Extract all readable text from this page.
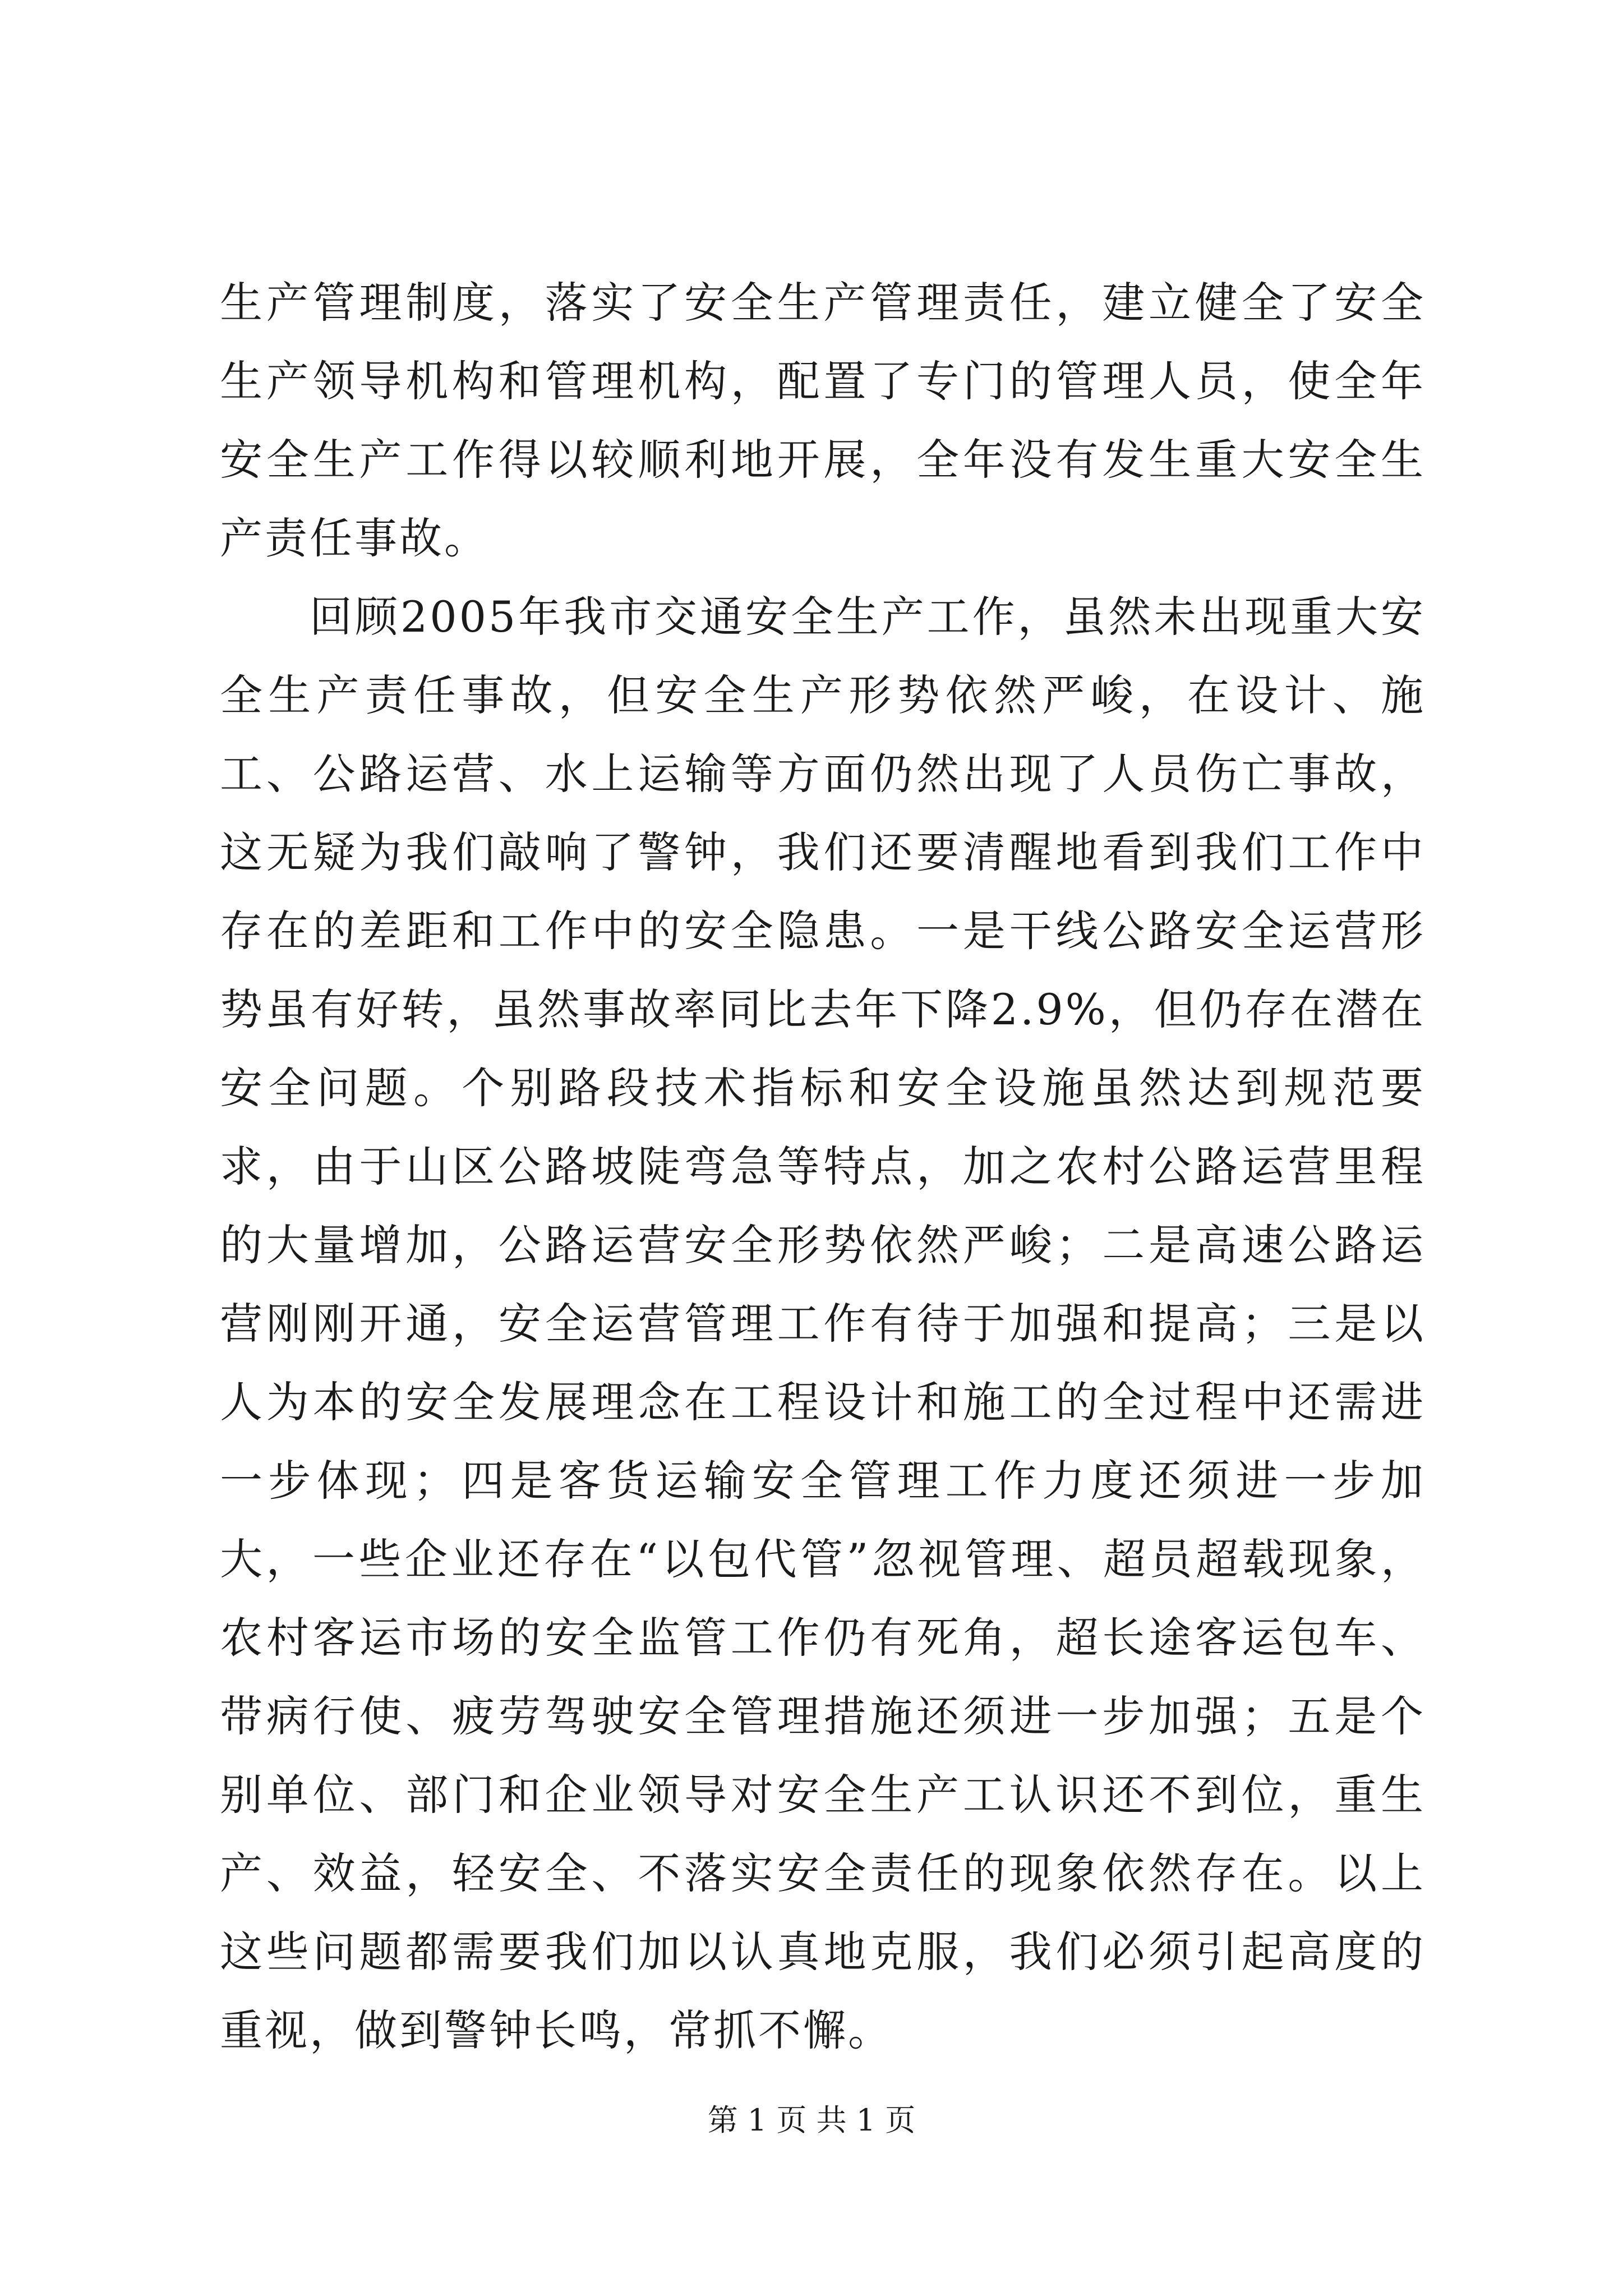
生产管理制度，落实了安全生产管理责任，建立健全了安全生产领导机构和管理机构，配置了专门的管理人员，使全年安全生产工作得以较顺利地开展，全年没有发生重大安全生产责任事故。

回顾2005年我市交通安全生产工作，虽然未出现重大安全生产责任事故，但安全生产形势依然严峻，在设计、施工、公路运营、水上运输等方面仍然出现了人员伤亡事故，这无疑为我们敲响了警钟，我们还要清醒地看到我们工作中存在的差距和工作中的安全隐患。一是干线公路安全运营形势虽有好转，虽然事故率同比去年下降2.9%，但仍存在潜在安全问题。个别路段技术指标和安全设施虽然达到规范要求，由于山区公路坡陡弯急等特点，加之农村公路运营里程的大量增加，公路运营安全形势依然严峻；二是高速公路运营刚刚开通，安全运营管理工作有待于加强和提高；三是以人为本的安全发展理念在工程设计和施工的全过程中还需进一步体现；四是客货运输安全管理工作力度还须进一步加大，一些企业还存在“以包代管”忽视管理、超员超载现象，农村客运市场的安全监管工作仍有死角，超长途客运包车、带病行使、疲劳驾驶安全管理措施还须进一步加强；五是个别单位、部门和企业领导对安全生产工认识还不到位，重生产、效益，轻安全、不落实安全责任的现象依然存在。以上这些问题都需要我们加以认真地克服，我们必须引起高度的重视，做到警钟长鸣，常抓不懈。

第 1 页 共 1 页
